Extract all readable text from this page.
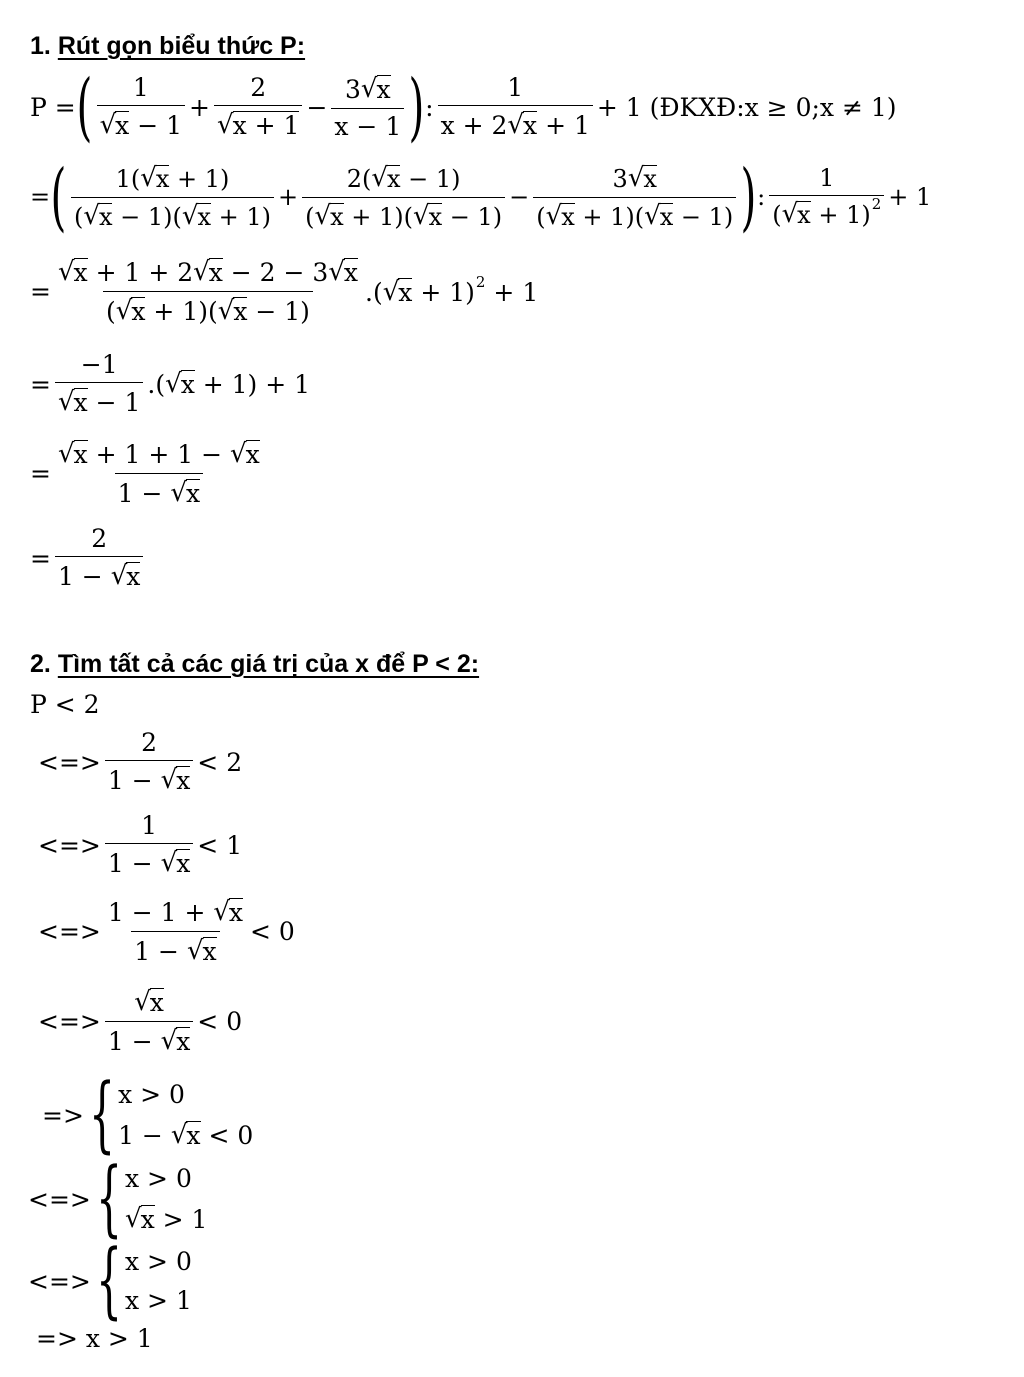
1. Rút gọn biểu thức P:
P = ( $\frac{1}{√x - 1} + \frac{2}{√x + 1} - \frac{3√x}{x - 1}$ ) : $\frac{1}{x + 2√x + 1} + 1$ (ĐKXĐ:x ≥ 0;x ≠ 1)
= ( $\frac{1(√x + 1)}{(√x - 1)(√x + 1)} + \frac{2(√x - 1)}{(√x + 1)(√x - 1)} - \frac{3√x}{(√x + 1)(√x - 1)}$ ) : $\frac{1}{(√x + 1)^2} + 1$
= $\frac{√x + 1 + 2√x - 2 - 3√x}{(√x + 1)(√x - 1)} .(√x + 1)^2 + 1$
= $\frac{-1}{√x - 1} .(√x + 1) + 1$
= $\frac{√x + 1 + 1 - √x}{1 - √x}$
= $\frac{2}{1 - √x}$
2. Tìm tất cả các giá trị của x để P < 2:
P < 2
<=> $\frac{2}{1 - √x} < 2$
<=> $\frac{1}{1 - √x} < 1$
<=> $\frac{1 - 1 + √x}{1 - √x} < 0$
<=> $\frac{√x}{1 - √x} < 0$
=> { x > 0
1 − √x < 0
<=> { x > 0
√x > 1
<=> { x > 0
x > 1
=> x > 1
